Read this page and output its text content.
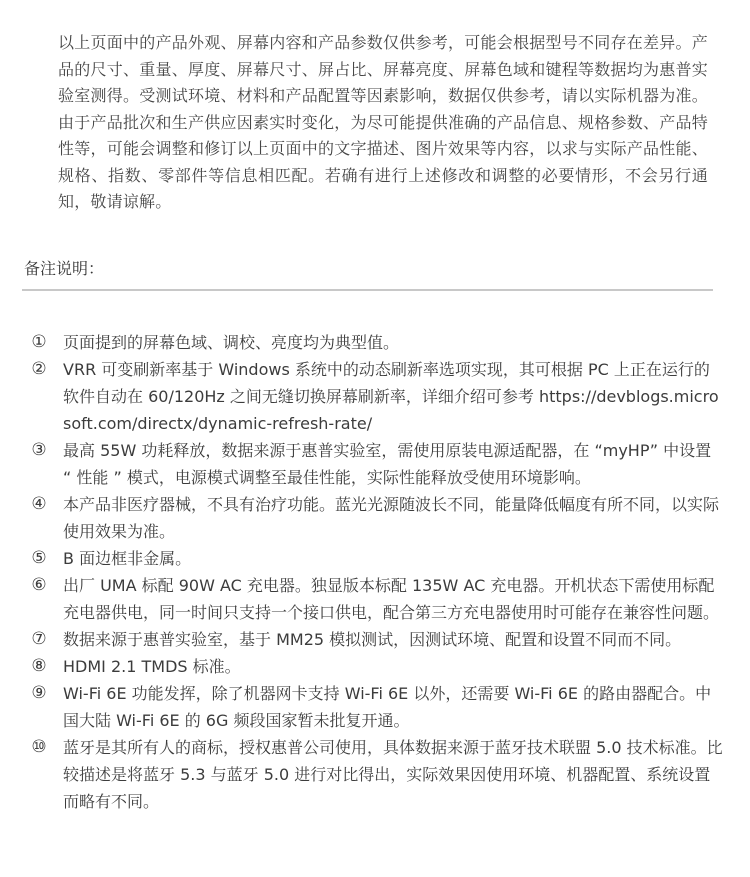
以上页面中的产品外观、屏幕内容和产品参数仅供参考，可能会根据型号不同存在差异。产品的尺寸、重量、厚度、屏幕尺寸、屏占比、屏幕亮度、屏幕色域和键程等数据均为惠普实验室测得。受测试环境、材料和产品配置等因素影响，数据仅供参考，请以实际机器为准。由于产品批次和生产供应因素实时变化，为尽可能提供准确的产品信息、规格参数、产品特性等，可能会调整和修订以上页面中的文字描述、图片效果等内容，以求与实际产品性能、规格、指数、零部件等信息相匹配。若确有进行上述修改和调整的必要情形，不会另行通知，敬请谅解。
备注说明：
① 页面提到的屏幕色域、调校、亮度均为典型值。
② VRR 可变刷新率基于 Windows 系统中的动态刷新率选项实现，其可根据 PC 上正在运行的软件自动在 60/120Hz 之间无缝切换屏幕刷新率，详细介绍可参考 https://devblogs.microsoft.com/directx/dynamic-refresh-rate/
③ 最高 55W 功耗释放，数据来源于惠普实验室，需使用原装电源适配器，在 “myHP” 中设置 “ 性能 ” 模式，电源模式调整至最佳性能，实际性能释放受使用环境影响。
④ 本产品非医疗器械，不具有治疗功能。蓝光光源随波长不同，能量降低幅度有所不同，以实际使用效果为准。
⑤ B 面边框非金属。
⑥ 出厂 UMA 标配 90W AC 充电器。独显版本标配 135W AC 充电器。开机状态下需使用标配充电器供电，同一时间只支持一个接口供电，配合第三方充电器使用时可能存在兼容性问题。
⑦ 数据来源于惠普实验室，基于 MM25 模拟测试，因测试环境、配置和设置不同而不同。
⑧ HDMI 2.1 TMDS 标准。
⑨ Wi-Fi 6E 功能发挥，除了机器网卡支持 Wi-Fi 6E 以外，还需要 Wi-Fi 6E 的路由器配合。中国大陆 Wi-Fi 6E 的 6G 频段国家暂未批复开通。
⑩ 蓝牙是其所有人的商标，授权惠普公司使用，具体数据来源于蓝牙技术联盟 5.0 技术标准。比较描述是将蓝牙 5.3 与蓝牙 5.0 进行对比得出，实际效果因使用环境、机器配置、系统设置而略有不同。
